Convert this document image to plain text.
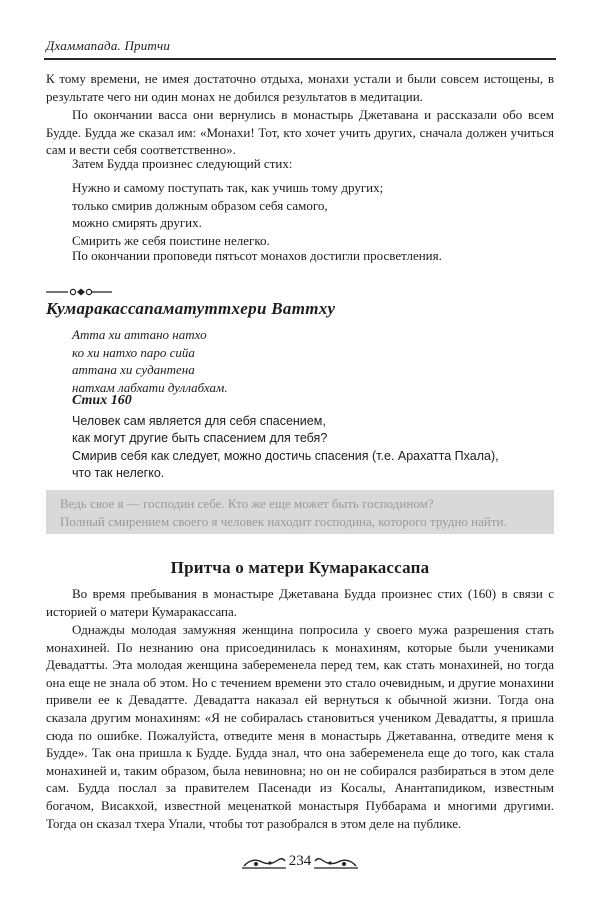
Дхаммапада. Притчи

К тому времени, не имея достаточно отдыха, монахи устали и были совсем истощены, в результате чего ни один монах не добился результатов в медитации.

По окончании васса они вернулись в монастырь Джетавана и рассказали обо всем Будде. Будда же сказал им: «Монахи! Тот, кто хочет учить других, сначала должен учиться сам и вести себя соответственно».

Затем Будда произнес следующий стих:

Нужно и самому поступать так, как учишь тому других;
только смирив должным образом себя самого,
можно смирять других.
Смирить же себя поистине нелегко.

По окончании проповеди пятьсот монахов достигли просветления.

Кумаракассапаматуттхери Ваттху
Атта хи аттано натхо
ко хи натхо паро сийа
аттана хи судантена
натхам лабхати дуллабхам.
Стих 160
Человек сам является для себя спасением,
как могут другие быть спасением для тебя?
Смирив себя как следует, можно достичь спасения (т.е. Арахатта Пхала),
что так нелегко.
Ведь свое я — господин себе. Кто же еще может быть господином?
Полный смирением своего я человек находит господина, которого трудно найти.
Притча о матери Кумаракассапа

Во время пребывания в монастыре Джетавана Будда произнес стих (160) в связи с историей о матери Кумаракассапа.

Однажды молодая замужняя женщина попросила у своего мужа разрешения стать монахиней. По незнанию она присоединилась к монахиням, которые были учениками Девадатты. Эта молодая женщина забеременела перед тем, как стать монахиней, но тогда она еще не знала об этом. Но с течением времени это стало очевидным, и другие монахини привели ее к Девадатте. Девадатта наказал ей вернуться к обычной жизни. Тогда она сказала другим монахиням: «Я не собиралась становиться учеником Девадатты, я пришла сюда по ошибке. Пожалуйста, отведите меня в монастырь Джетаванна, отведите меня к Будде». Так она пришла к Будде. Будда знал, что она забеременела еще до того, как стала монахиней и, таким образом, была невиновна; но он не собирался разбираться в этом деле сам. Будда послал за правителем Пасенади из Косалы, Анантапидиком, известным богачом, Висакхой, известной меценаткой монастыря Пуббарама и многими другими. Тогда он сказал тхера Упали, чтобы тот разобрался в этом деле на публике.

234
